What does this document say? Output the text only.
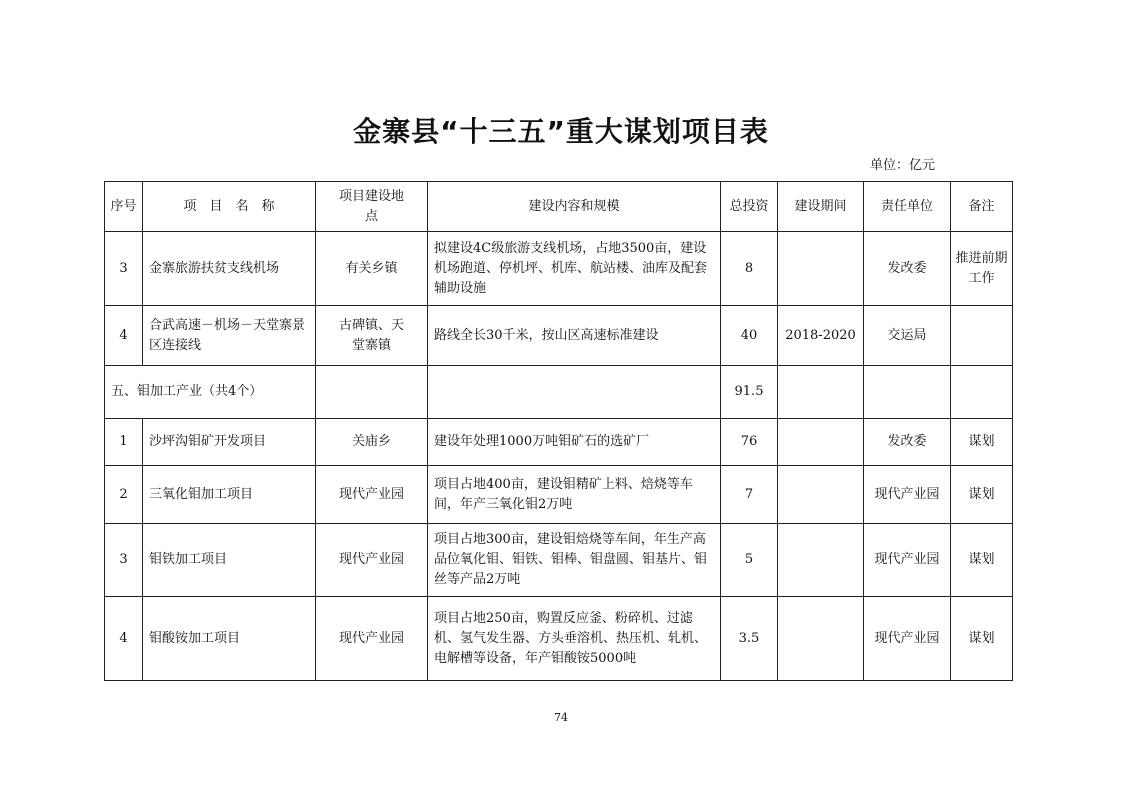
金寨县“十三五”重大谋划项目表
单位：亿元
序号	项　目　名　称	项目建设地点	建设内容和规模	总投资	建设期间	责任单位	备注
3	金寨旅游扶贫支线机场	有关乡镇	拟建设4C级旅游支线机场，占地3500亩，建设机场跑道、停机坪、机库、航站楼、油库及配套辅助设施	8		发改委	推进前期工作
4	合武高速－机场－天堂寨景区连接线	古碑镇、天堂寨镇	路线全长30千米，按山区高速标准建设	40	2018-2020	交运局	
五、钼加工产业（共4个）				91.5			
1	沙坪沟钼矿开发项目	关庙乡	建设年处理1000万吨钼矿石的选矿厂	76		发改委	谋划
2	三氧化钼加工项目	现代产业园	项目占地400亩，建设钼精矿上料、焙烧等车间，年产三氧化钼2万吨	7		现代产业园	谋划
3	钼铁加工项目	现代产业园	项目占地300亩，建设钼焙烧等车间，年生产高品位氧化钼、钼铁、钼棒、钼盘圆、钼基片、钼丝等产品2万吨	5		现代产业园	谋划
4	钼酸铵加工项目	现代产业园	项目占地250亩，购置反应釜、粉碎机、过滤机、氢气发生器、方头垂溶机、热压机、轧机、电解槽等设备，年产钼酸铵5000吨	3.5		现代产业园	谋划
74
